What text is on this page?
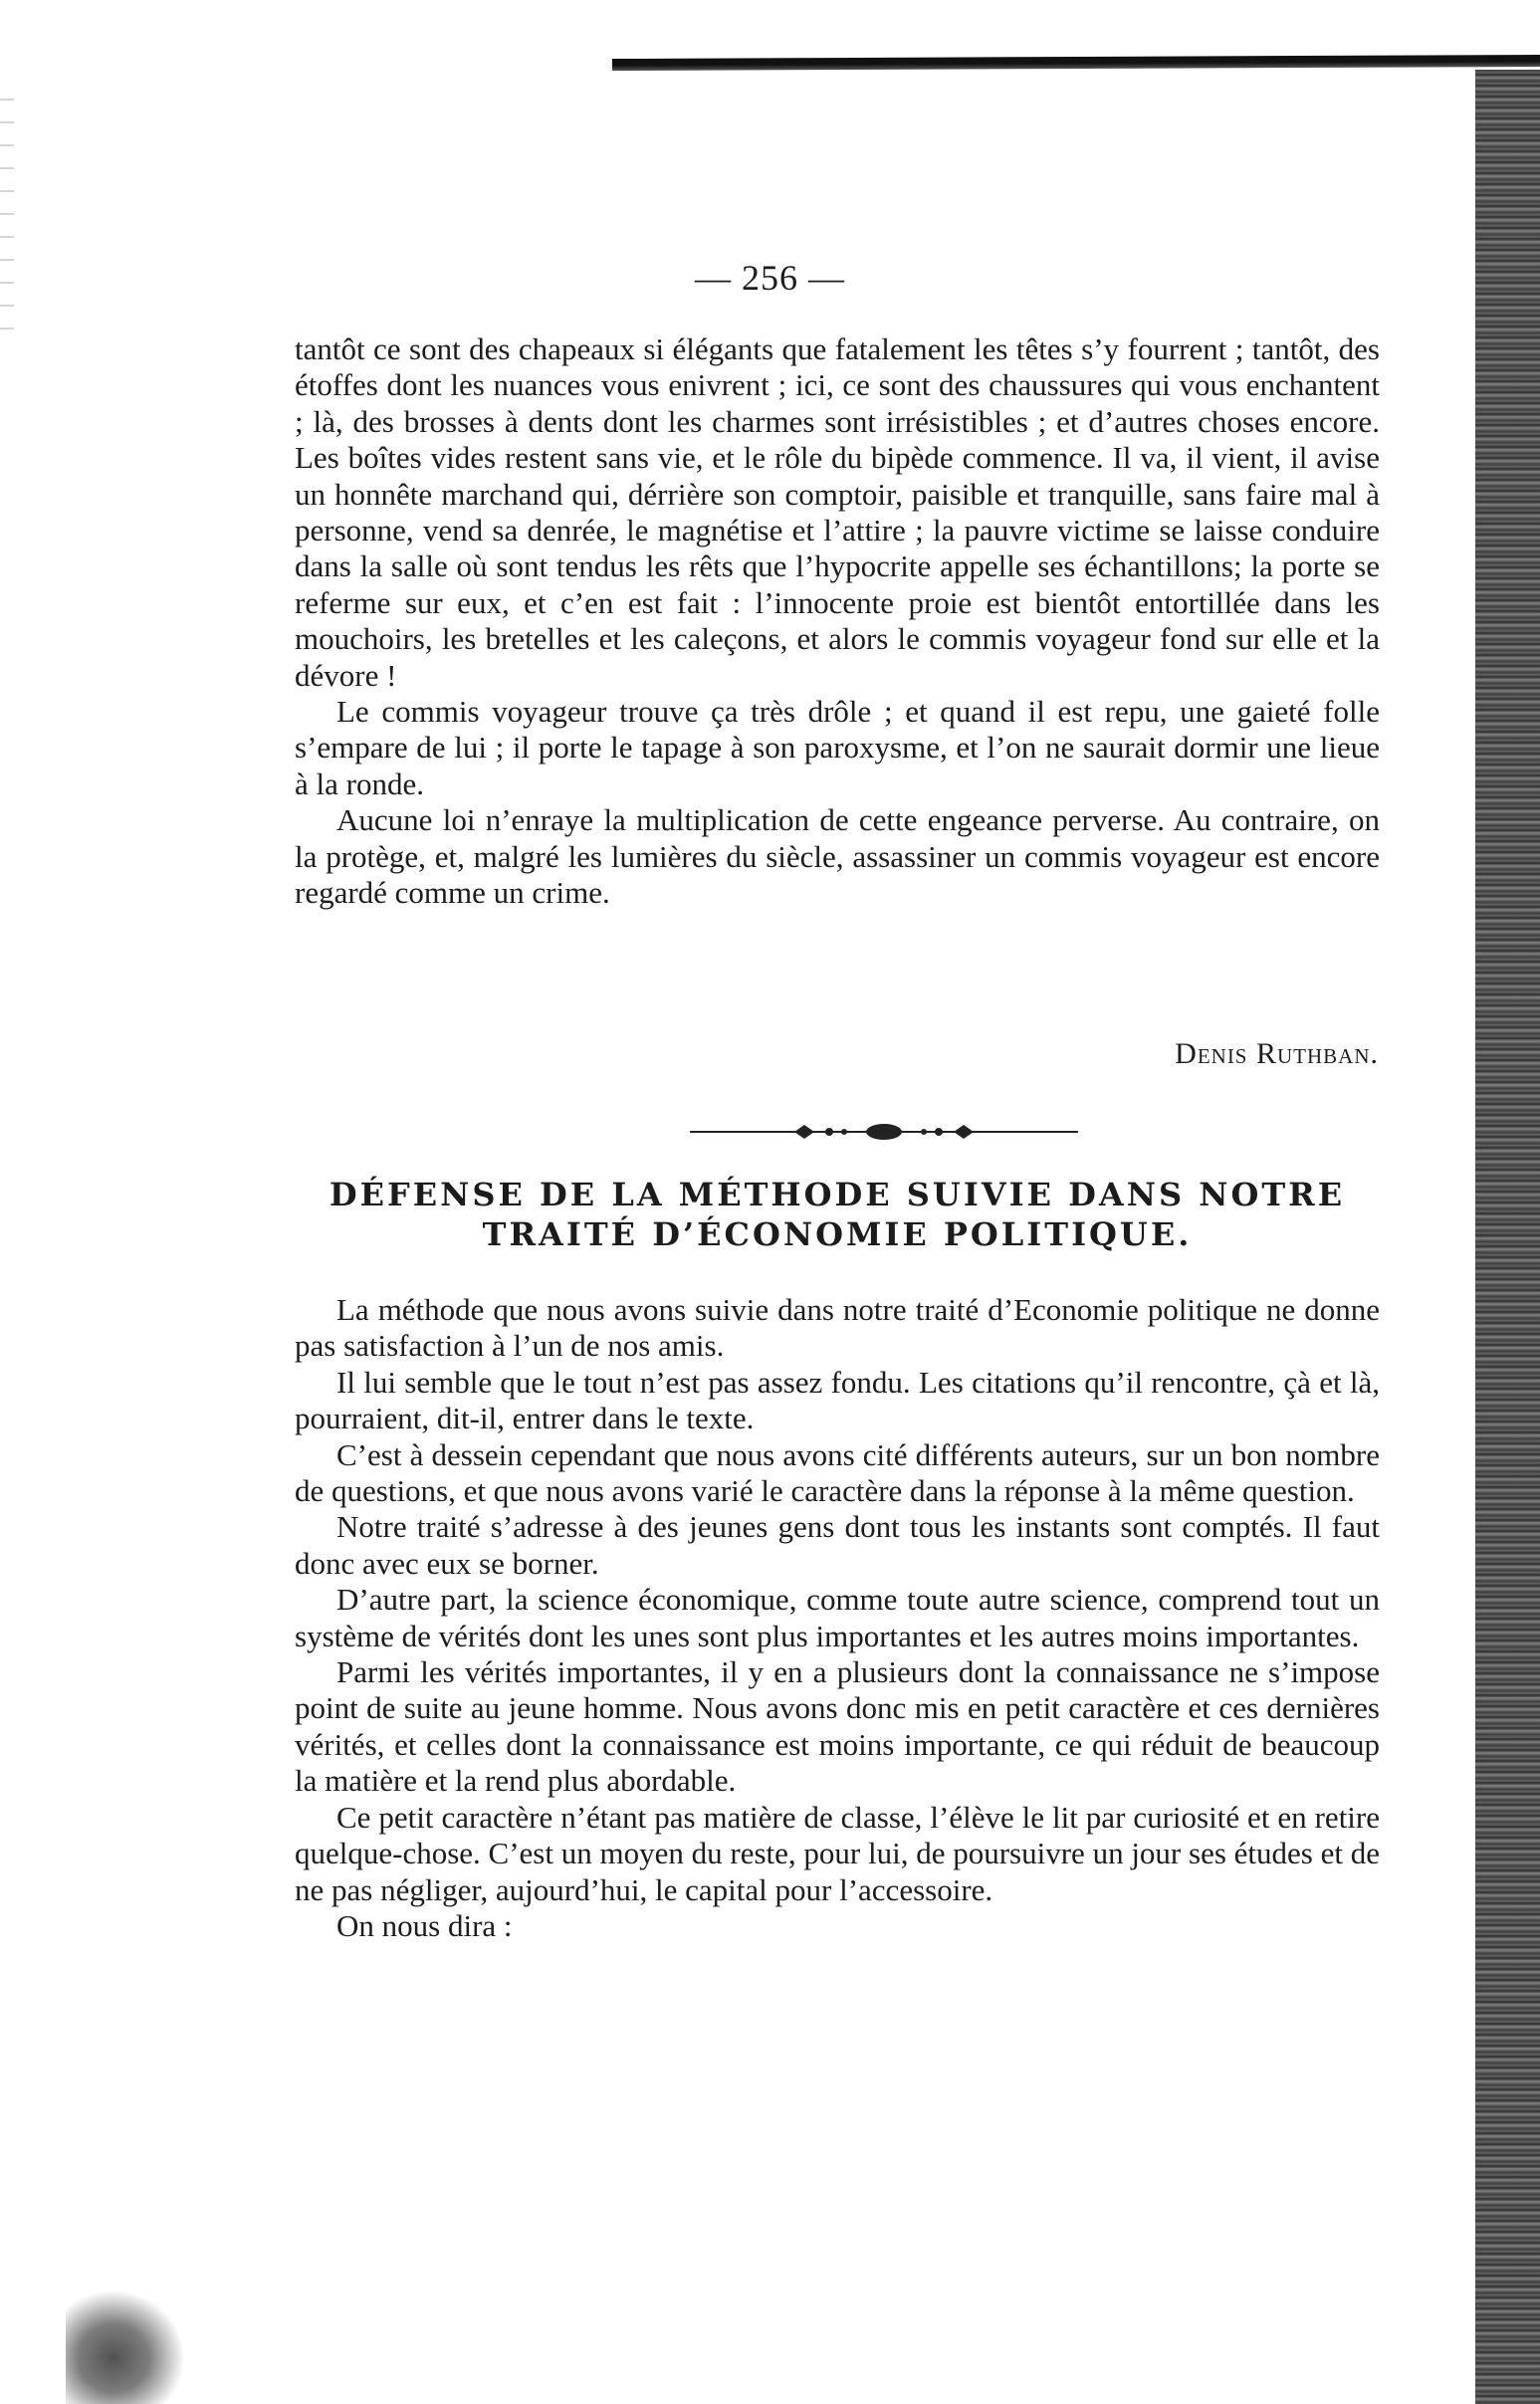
— 256 —

tantôt ce sont des chapeaux si élégants que fatalement les têtes s’y fourrent ; tantôt, des étoffes dont les nuances vous enivrent ; ici, ce sont des chaussures qui vous enchantent ; là, des brosses à dents dont les charmes sont irrésistibles ; et d’autres choses encore. Les boîtes vides restent sans vie, et le rôle du bipède commence. Il va, il vient, il avise un honnête marchand qui, dérrière son comptoir, paisible et tranquille, sans faire mal à personne, vend sa denrée, le magnétise et l’attire ; la pauvre victime se laisse conduire dans la salle où sont tendus les rêts que l’hypocrite appelle ses échantillons; la porte se referme sur eux, et c’en est fait : l’innocente proie est bientôt entortillée dans les mouchoirs, les bretelles et les caleçons, et alors le commis voyageur fond sur elle et la dévore !

Le commis voyageur trouve ça très drôle ; et quand il est repu, une gaieté folle s’empare de lui ; il porte le tapage à son paroxysme, et l’on ne saurait dormir une lieue à la ronde.

Aucune loi n’enraye la multiplication de cette engeance perverse. Au contraire, on la protège, et, malgré les lumières du siècle, assassiner un commis voyageur est encore regardé comme un crime.

Denis Ruthban.
DÉFENSE DE LA MÉTHODE SUIVIE DANS NOTRE
TRAITÉ D’ÉCONOMIE POLITIQUE.

La méthode que nous avons suivie dans notre traité d’Economie politique ne donne pas satisfaction à l’un de nos amis.

Il lui semble que le tout n’est pas assez fondu. Les citations qu’il rencontre, çà et là, pourraient, dit-il, entrer dans le texte.

C’est à dessein cependant que nous avons cité différents auteurs, sur un bon nombre de questions, et que nous avons varié le caractère dans la réponse à la même question.

Notre traité s’adresse à des jeunes gens dont tous les instants sont comptés. Il faut donc avec eux se borner.

D’autre part, la science économique, comme toute autre science, comprend tout un système de vérités dont les unes sont plus importantes et les autres moins importantes.

Parmi les vérités importantes, il y en a plusieurs dont la connaissance ne s’impose point de suite au jeune homme. Nous avons donc mis en petit caractère et ces dernières vérités, et celles dont la connaissance est moins importante, ce qui réduit de beaucoup la matière et la rend plus abordable.

Ce petit caractère n’étant pas matière de classe, l’élève le lit par curiosité et en retire quelque-chose. C’est un moyen du reste, pour lui, de poursuivre un jour ses études et de ne pas négliger, aujourd’hui, le capital pour l’accessoire.

On nous dira :
